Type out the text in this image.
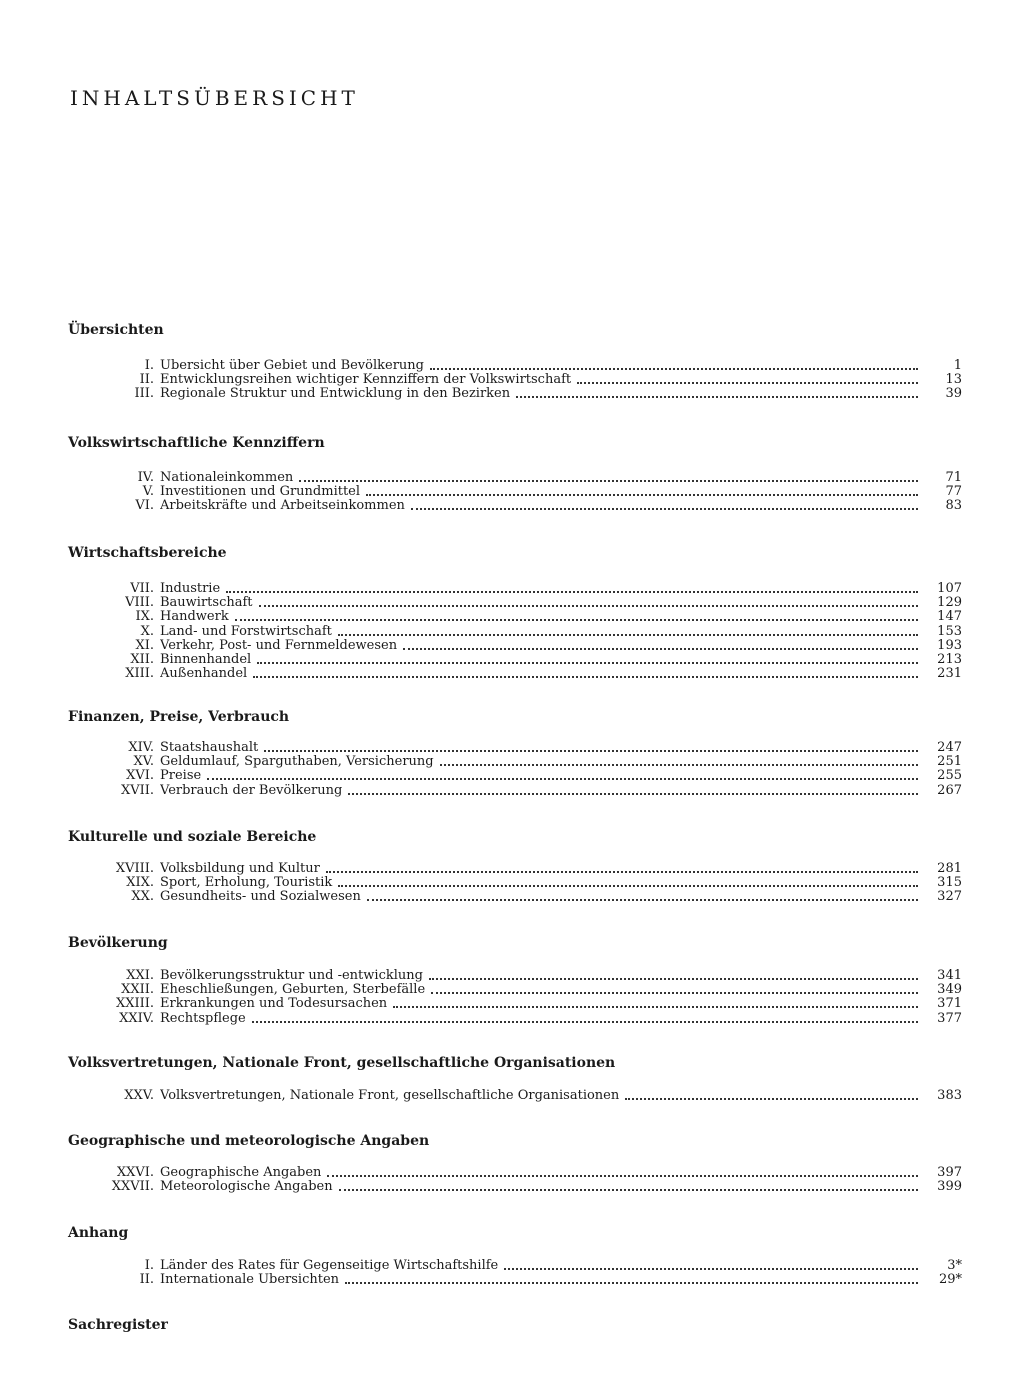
INHALTSÜBERSICHT
Übersichten
I. Übersicht über Gebiet und Bevölkerung	1
II. Entwicklungsreihen wichtiger Kennziffern der Volkswirtschaft	13
III. Regionale Struktur und Entwicklung in den Bezirken	39
Volkswirtschaftliche Kennziffern
IV. Nationaleinkommen	71
V. Investitionen und Grundmittel	77
VI. Arbeitskräfte und Arbeitseinkommen	83
Wirtschaftsbereiche
VII. Industrie	107
VIII. Bauwirtschaft	129
IX. Handwerk	147
X. Land- und Forstwirtschaft	153
XI. Verkehr, Post- und Fernmeldewesen	193
XII. Binnenhandel	213
XIII. Außenhandel	231
Finanzen, Preise, Verbrauch
XIV. Staatshaushalt	247
XV. Geldumlauf, Sparguthaben, Versicherung	251
XVI. Preise	255
XVII. Verbrauch der Bevölkerung	267
Kulturelle und soziale Bereiche
XVIII. Volksbildung und Kultur	281
XIX. Sport, Erholung, Touristik	315
XX. Gesundheits- und Sozialwesen	327
Bevölkerung
XXI. Bevölkerungsstruktur und -entwicklung	341
XXII. Eheschließungen, Geburten, Sterbefälle	349
XXIII. Erkrankungen und Todesursachen	371
XXIV. Rechtspflege	377
Volksvertretungen, Nationale Front, gesellschaftliche Organisationen
XXV. Volksvertretungen, Nationale Front, gesellschaftliche Organisationen	383
Geographische und meteorologische Angaben
XXVI. Geographische Angaben	397
XXVII. Meteorologische Angaben	399
Anhang
I. Länder des Rates für Gegenseitige Wirtschaftshilfe	3*
II. Internationale Übersichten	29*
Sachregister
